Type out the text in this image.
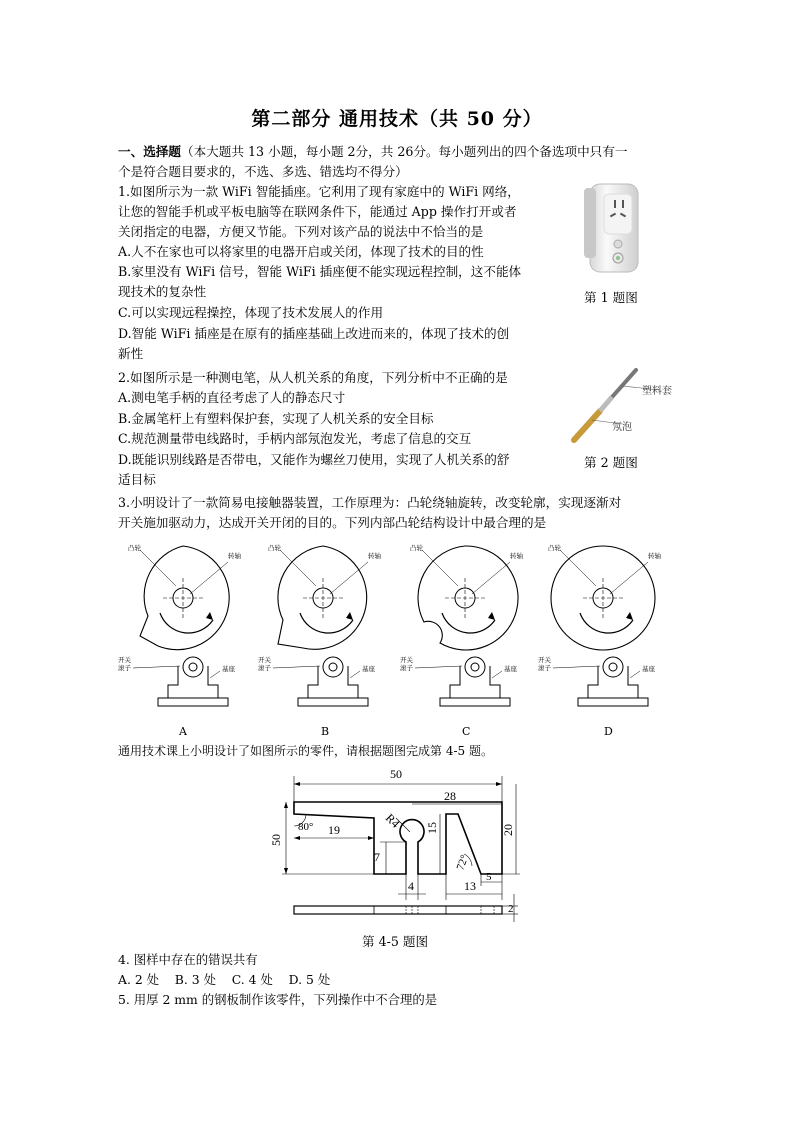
第二部分 通用技术（共 50 分）
一、选择题（本大题共 13 小题，每小题 2分，共 26分。每小题列出的四个备选项中只有一
个是符合题目要求的，不选、多选、错选均不得分）
1.如图所示为一款 WiFi 智能插座。它利用了现有家庭中的 WiFi 网络，
让您的智能手机或平板电脑等在联网条件下，能通过 App 操作打开或者
关闭指定的电器，方便又节能。下列对该产品的说法中不恰当的是
A.人不在家也可以将家里的电器开启或关闭，体现了技术的目的性
B.家里没有 WiFi 信号，智能 WiFi 插座便不能实现远程控制，这不能体
现技术的复杂性
C.可以实现远程操控，体现了技术发展人的作用
D.智能 WiFi 插座是在原有的插座基础上改进而来的，体现了技术的创
新性
第 1 题图
2.如图所示是一种测电笔，从人机关系的角度，下列分析中不正确的是
A.测电笔手柄的直径考虑了人的静态尺寸
B.金属笔杆上有塑料保护套，实现了人机关系的安全目标
C.规范测量带电线路时，手柄内部氖泡发光，考虑了信息的交互
D.既能识别线路是否带电，又能作为螺丝刀使用，实现了人机关系的舒
适目标
塑料套
氖泡
第 2 题图
3.小明设计了一款简易电接触器装置，工作原理为：凸轮绕轴旋转，改变轮廓，实现逐渐对
开关施加驱动力，达成开关开闭的目的。下列内部凸轮结构设计中最合理的是
凸轮
转轴
开关
滚子	基座
凸轮
转轴
开关
滚子	基座
凸轮
转轴
开关
滚子	基座
凸轮
转轴
开关
滚子	基座
A	B	C	D
通用技术课上小明设计了如图所示的零件，请根据题图完成第 4-5 题。
50
50
80° 19	R4
28
15	20
7	72°
4	13
5
2
第 4-5 题图
4. 图样中存在的错误共有
A. 2 处    B. 3 处    C. 4 处    D. 5 处
5. 用厚 2 mm 的钢板制作该零件，下列操作中不合理的是
